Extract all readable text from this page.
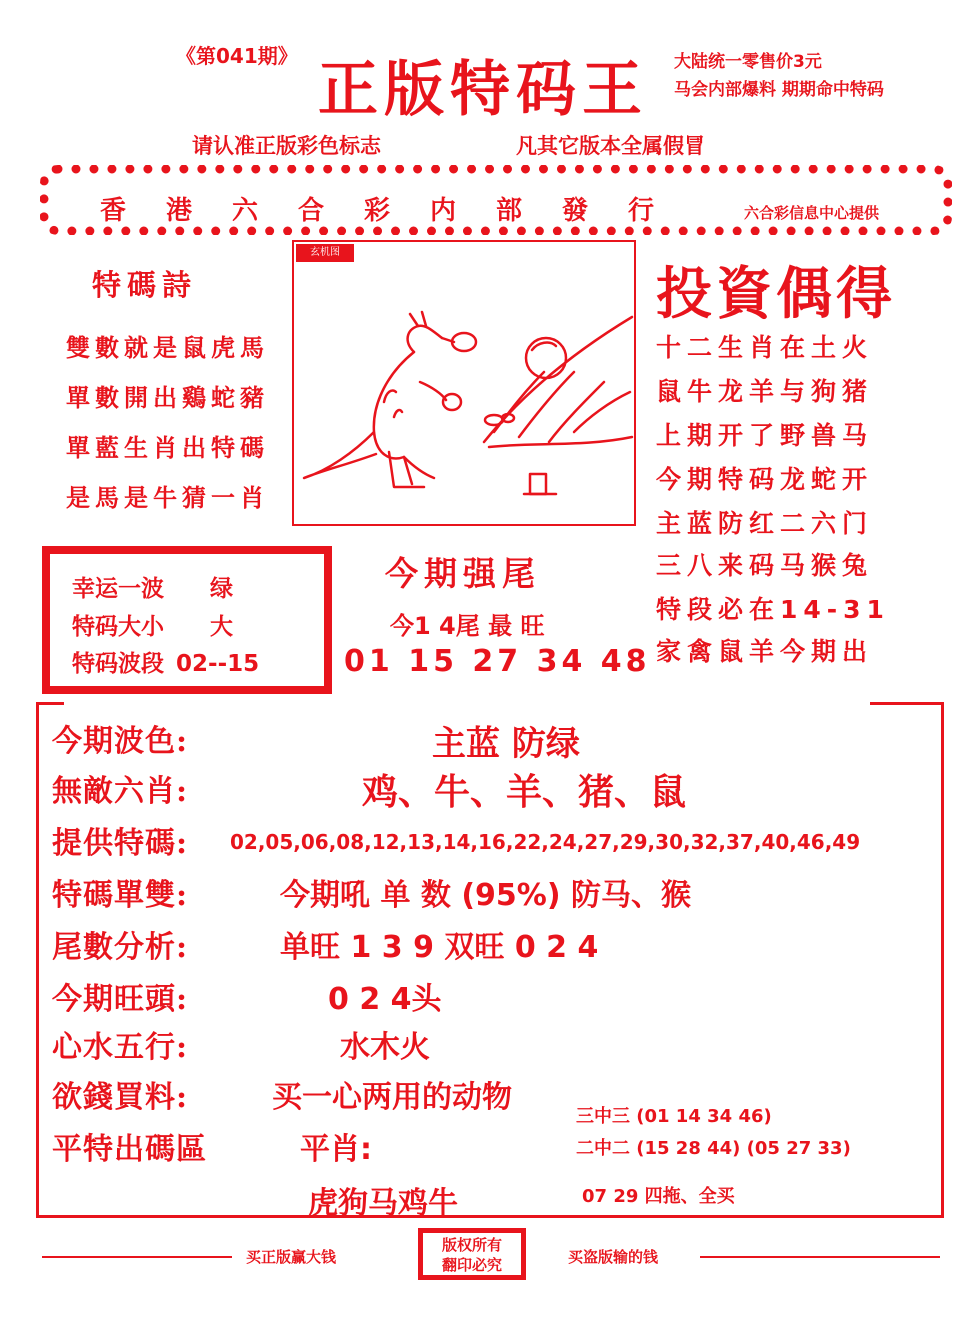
《第041期》 正版特码王 大陆统一零售价3元
马会内部爆料 期期命中特码
请认准正版彩色标志	凡其它版本全属假冒
香港六合彩内部發行	六合彩信息中心提供
特碼詩
雙數就是鼠虎馬
單數開出鷄蛇豬
單藍生肖出特碼
是馬是牛猜一肖
玄机图
投資偶得
十二生肖在土火
鼠牛龙羊与狗猪
上期开了野兽马
今期特码龙蛇开
主蓝防红二六门
三八来码马猴兔
特段必在14-31
家禽鼠羊今期出
幸运一波 绿
特码大小 大
特码波段 02--15
今期强尾
今1 4尾 最 旺
01 15 27 34 48
今期波色:	主蓝 防绿
無敵六肖:	鸡、牛、羊、猪、鼠
提供特碼: 02,05,06,08,12,13,14,16,22,24,27,29,30,32,37,40,46,49
特碼單雙:	今期吼 单 数 (95%) 防马、猴
尾數分析:	单旺 1 3 9 双旺 0 2 4
今期旺頭:	0 2 4头
心水五行:	水木火
欲錢買料:	买一心两用的动物
平特出碼區	平肖:
虎狗马鸡牛
三中三 (01 14 34 46)
二中二 (15 28 44) (05 27 33)
07 29 四拖、全买
买正版赢大钱
版权所有
翻印必究	买盗版输的钱
